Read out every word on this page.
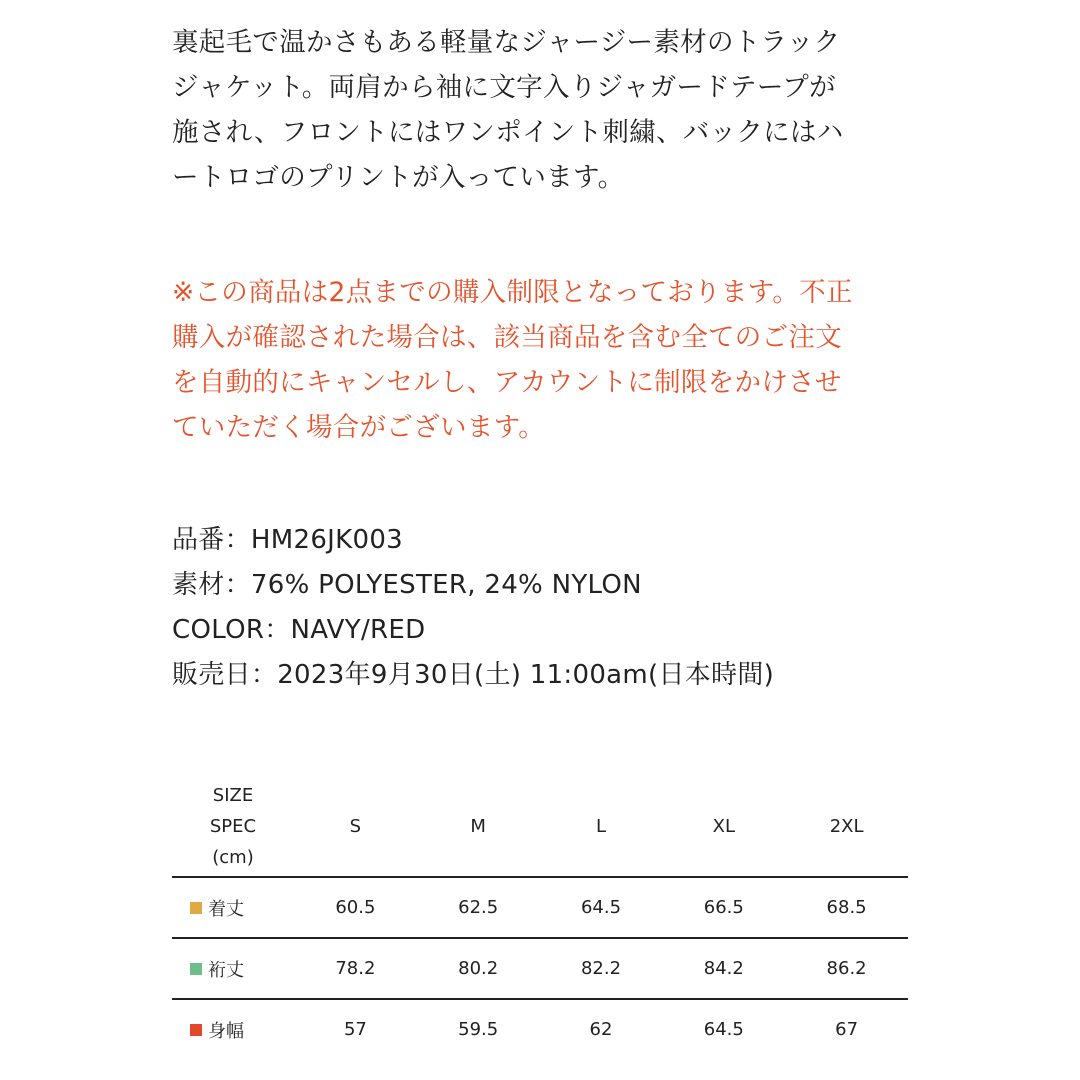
裏起毛で温かさもある軽量なジャージー素材のトラック

ジャケット。両肩から袖に文字入りジャガードテープが

施され、フロントにはワンポイント刺繍、バックにはハ

ートロゴのプリントが入っています。

※この商品は2点までの購入制限となっております。不正

購入が確認された場合は、該当商品を含む全てのご注文

を自動的にキャンセルし、アカウントに制限をかけさせ

ていただく場合がございます。

品番：HM26JK003
素材：76% POLYESTER, 24% NYLON
COLOR：NAVY/RED
販売日：2023年9月30日(土) 11:00am(日本時間)
SIZE
SPEC
(cm)	S	M	L	XL	2XL
着丈	60.5	62.5	64.5	66.5	68.5
裄丈	78.2	80.2	82.2	84.2	86.2
身幅	57	59.5	62	64.5	67
